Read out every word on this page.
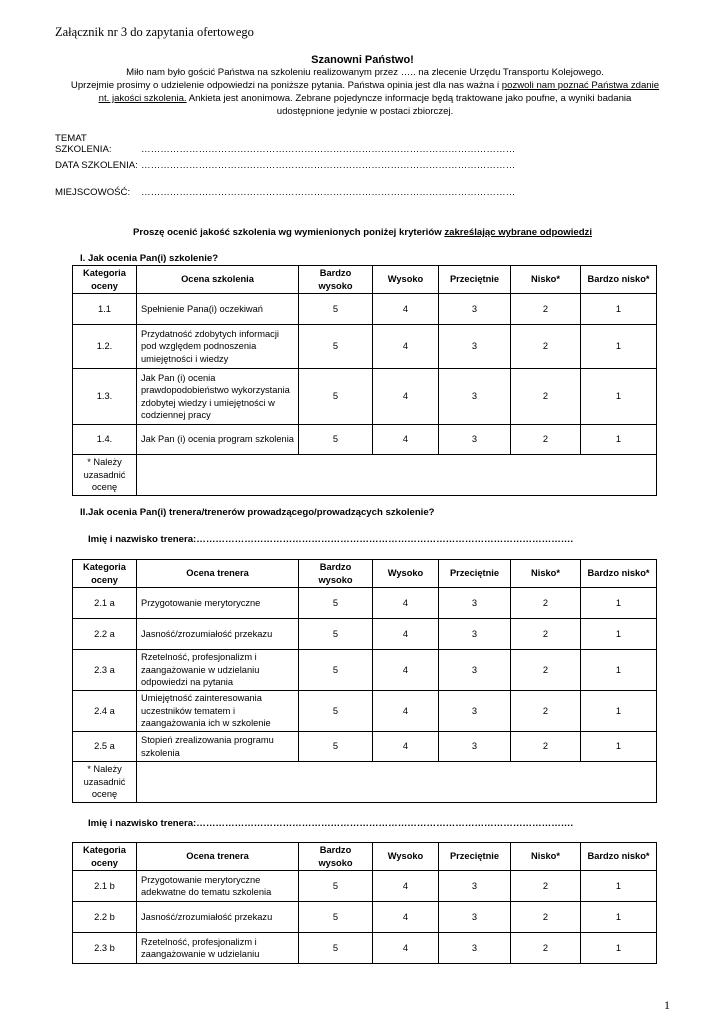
Załącznik nr 3 do zapytania ofertowego
Szanowni Państwo!
Miło nam było gościć Państwa na szkoleniu realizowanym przez ….. na zlecenie Urzędu Transportu Kolejowego.
Uprzejmie prosimy o udzielenie odpowiedzi na poniższe pytania. Państwa opinia jest dla nas ważna i pozwoli nam poznać Państwa zdanie
nt. jakości szkolenia. Ankieta jest anonimowa. Zebrane pojedyncze informacje będą traktowane jako poufne, a wyniki badania
udostępnione jedynie w postaci zbiorczej.
TEMAT SZKOLENIA:	………………………………………………………………………………………………………
DATA SZKOLENIA: ………………………………………………………………………………………………………
MIEJSCOWOŚĆ: ………………………………………………………………………………………………………
Proszę ocenić jakość szkolenia wg wymienionych poniżej kryteriów zakreślając wybrane odpowiedzi
I. Jak ocenia Pan(i) szkolenie?
Kategoria oceny	Ocena szkolenia	Bardzo wysoko	Wysoko	Przeciętnie	Nisko*	Bardzo nisko*
1.1	Spełnienie Pana(i) oczekiwań	5	4	3	2	1
1.2.	Przydatność zdobytych informacji pod względem podnoszenia umiejętności i wiedzy	5	4	3	2	1
1.3.	Jak Pan (i) ocenia prawdopodobieństwo wykorzystania zdobytej wiedzy i umiejętności w codziennej pracy	5	4	3	2	1
1.4.	Jak Pan (i) ocenia program szkolenia	5	4	3	2	1
* Należy uzasadnić ocenę						
II.Jak ocenia Pan(i) trenera/trenerów prowadzącego/prowadzących szkolenie?
Imię i nazwisko trenera:……………………………………………………………………………………………………….
Kategoria oceny	Ocena trenera	Bardzo wysoko	Wysoko	Przeciętnie	Nisko*	Bardzo nisko*
2.1 a	Przygotowanie merytoryczne	5	4	3	2	1
2.2 a	Jasność/zrozumiałość przekazu	5	4	3	2	1
2.3 a	Rzetelność, profesjonalizm i zaangażowanie w udzielaniu odpowiedzi na pytania	5	4	3	2	1
2.4 a	Umiejętność zainteresowania uczestników tematem i zaangażowania ich w szkolenie	5	4	3	2	1
2.5 a	Stopień zrealizowania programu szkolenia	5	4	3	2	1
* Należy uzasadnić ocenę						
Imię i nazwisko trenera:……………………………………………………………………………………………………….
Kategoria oceny	Ocena trenera	Bardzo wysoko	Wysoko	Przeciętnie	Nisko*	Bardzo nisko*
2.1 b	Przygotowanie merytoryczne adekwatne do tematu szkolenia	5	4	3	2	1
2.2 b	Jasność/zrozumiałość przekazu	5	4	3	2	1
2.3 b	Rzetelność, profesjonalizm i zaangażowanie w udzielaniu	5	4	3	2	1
1
